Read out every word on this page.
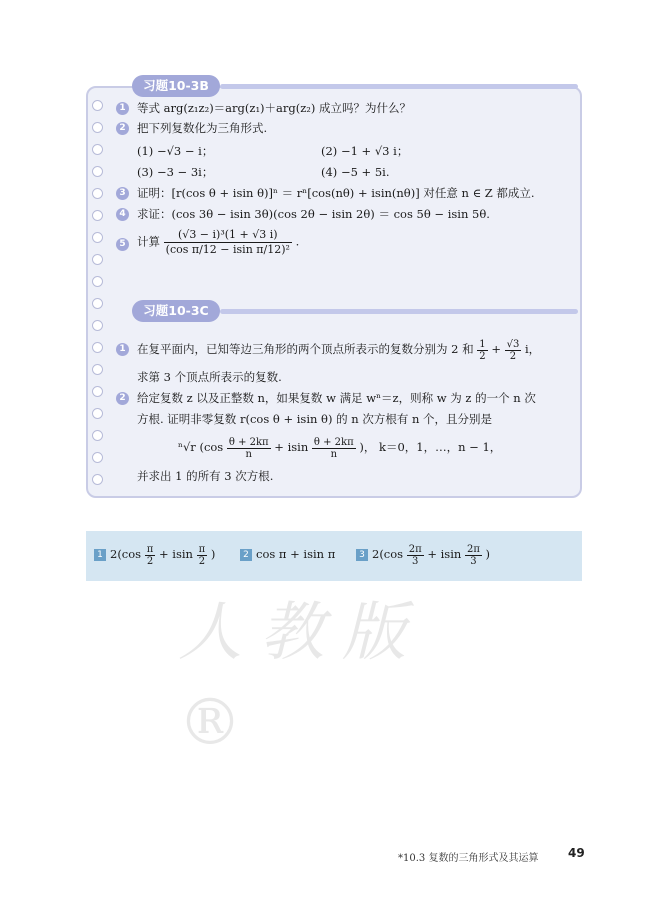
习题10-3B
1 等式 arg(z₁z₂)＝arg(z₁)＋arg(z₂) 成立吗？为什么？
2 把下列复数化为三角形式.
(1) −√3 − i；	(2) −1 + √3 i；
(3) −3 − 3i；	(4) −5 + 5i.
3 证明：[r(cos θ + isin θ)]ⁿ ＝ rⁿ[cos(nθ) + isin(nθ)] 对任意 n ∈ Z 都成立.
4 求证：(cos 3θ − isin 3θ)(cos 2θ − isin 2θ) ＝ cos 5θ − isin 5θ.
5 计算 $\frac{\text{(√3 − i)³(1 + √3 i)}}{\text{(cos π/12 − isin π/12)²}}$ .
习题10-3C
1 在复平面内，已知等边三角形的两个顶点所表示的复数分别为 2 和 $\frac{1}{2} + \frac{√3}{2}$ i，
求第 3 个顶点所表示的复数.
2 给定复数 z 以及正整数 n，如果复数 w 满足 wⁿ＝z，则称 w 为 z 的一个 n 次
方根. 证明非零复数 r(cos θ + isin θ) 的 n 次方根有 n 个，且分别是
ⁿ√r ($\cos \frac{\theta + 2k\pi}{n} + isin \frac{\theta + 2k\pi}{n}$ )， k＝0，1，…，n − 1，
并求出 1 的所有 3 次方根.
1 $2(\cos \frac{\pi}{2} + isin \frac{\pi}{2}$ )	2 cos π + isin π	3 $2(\cos \frac{2\pi}{3} + isin \frac{2\pi}{3}$ )
人教版®
*10.3 复数的三角形式及其运算 49
